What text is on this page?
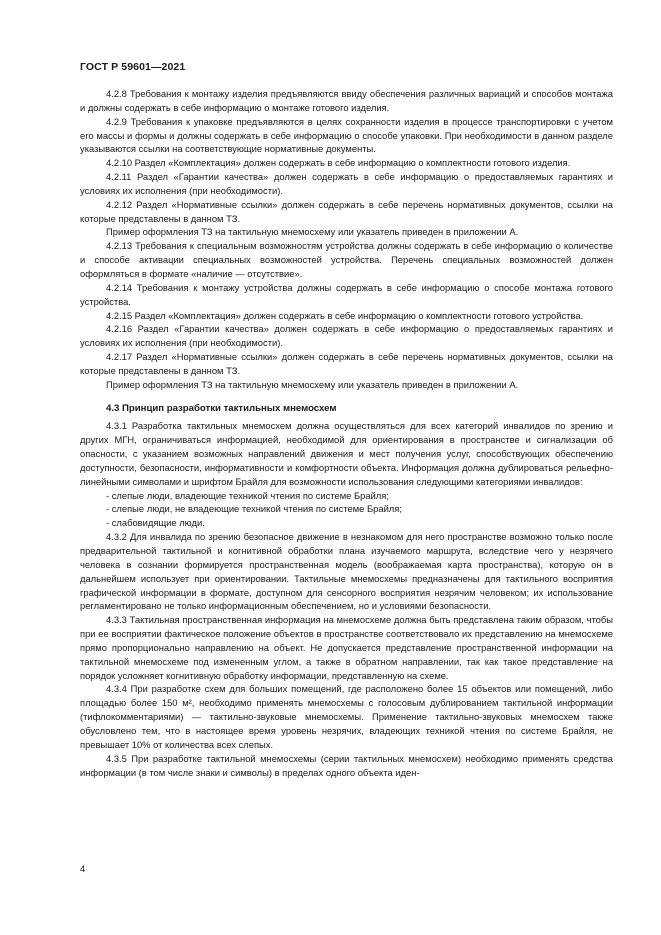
ГОСТ Р 59601—2021

4.2.8 Требования к монтажу изделия предъявляются ввиду обеспечения различных вариаций и способов монтажа и должны содержать в себе информацию о монтаже готового изделия.

4.2.9 Требования к упаковке предъявляются в целях сохранности изделия в процессе транспортировки с учетом его массы и формы и должны содержать в себе информацию о способе упаковки. При необходимости в данном разделе указываются ссылки на соответствующие нормативные документы.

4.2.10 Раздел «Комплектация» должен содержать в себе информацию о комплектности готового изделия.

4.2.11 Раздел «Гарантии качества» должен содержать в себе информацию о предоставляемых гарантиях и условиях их исполнения (при необходимости).

4.2.12 Раздел «Нормативные ссылки» должен содержать в себе перечень нормативных документов, ссылки на которые представлены в данном ТЗ.

Пример оформления ТЗ на тактильную мнемосхему или указатель приведен в приложении А.

4.2.13 Требования к специальным возможностям устройства должны содержать в себе информацию о количестве и способе активации специальных возможностей устройства. Перечень специальных возможностей должен оформляться в формате «наличие — отсутствие».

4.2.14 Требования к монтажу устройства должны содержать в себе информацию о способе монтажа готового устройства.

4.2.15 Раздел «Комплектация» должен содержать в себе информацию о комплектности готового устройства.

4.2.16 Раздел «Гарантии качества» должен содержать в себе информацию о предоставляемых гарантиях и условиях их исполнения (при необходимости).

4.2.17 Раздел «Нормативные ссылки» должен содержать в себе перечень нормативных документов, ссылки на которые представлены в данном ТЗ.

Пример оформления ТЗ на тактильную мнемосхему или указатель приведен в приложении А.

4.3 Принцип разработки тактильных мнемосхем

4.3.1 Разработка тактильных мнемосхем должна осуществляться для всех категорий инвалидов по зрению и других МГН, ограничиваться информацией, необходимой для ориентирования в пространстве и сигнализации об опасности, с указанием возможных направлений движения и мест получения услуг, способствующих обеспечению доступности, безопасности, информативности и комфортности объекта. Информация должна дублироваться рельефно-линейными символами и шрифтом Брайля для возможности использования следующими категориями инвалидов:

- слепые люди, владеющие техникой чтения по системе Брайля;

- слепые люди, не владеющие техникой чтения по системе Брайля;

- слабовидящие люди.

4.3.2 Для инвалида по зрению безопасное движение в незнакомом для него пространстве возможно только после предварительной тактильной и когнитивной обработки плана изучаемого маршрута, вследствие чего у незрячего человека в сознании формируется пространственная модель (воображаемая карта пространства), которую он в дальнейшем использует при ориентировании. Тактильные мнемосхемы предназначены для тактильного восприятия графической информации в формате, доступном для сенсорного восприятия незрячим человеком; их использование регламентировано не только информационным обеспечением, но и условиями безопасности.

4.3.3 Тактильная пространственная информация на мнемосхеме должна быть представлена таким образом, чтобы при ее восприятии фактическое положение объектов в пространстве соответствовало их представлению на мнемосхеме прямо пропорционально направлению на объект. Не допускается представление пространственной информации на тактильной мнемосхеме под измененным углом, а также в обратном направлении, так как такое представление на порядок усложняет когнитивную обработку информации, представленную на схеме.

4.3.4 При разработке схем для больших помещений, где расположено более 15 объектов или помещений, либо площадью более 150 м², необходимо применять мнемосхемы с голосовым дублированием тактильной информации (тифлокомментариями) — тактильно-звуковые мнемосхемы. Применение тактильно-звуковых мнемосхем также обусловлено тем, что в настоящее время уровень незрячих, владеющих техникой чтения по системе Брайля, не превышает 10% от количества всех слепых.

4.3.5 При разработке тактильной мнемосхемы (серии тактильных мнемосхем) необходимо применять средства информации (в том числе знаки и символы) в пределах одного объекта иден-

4
